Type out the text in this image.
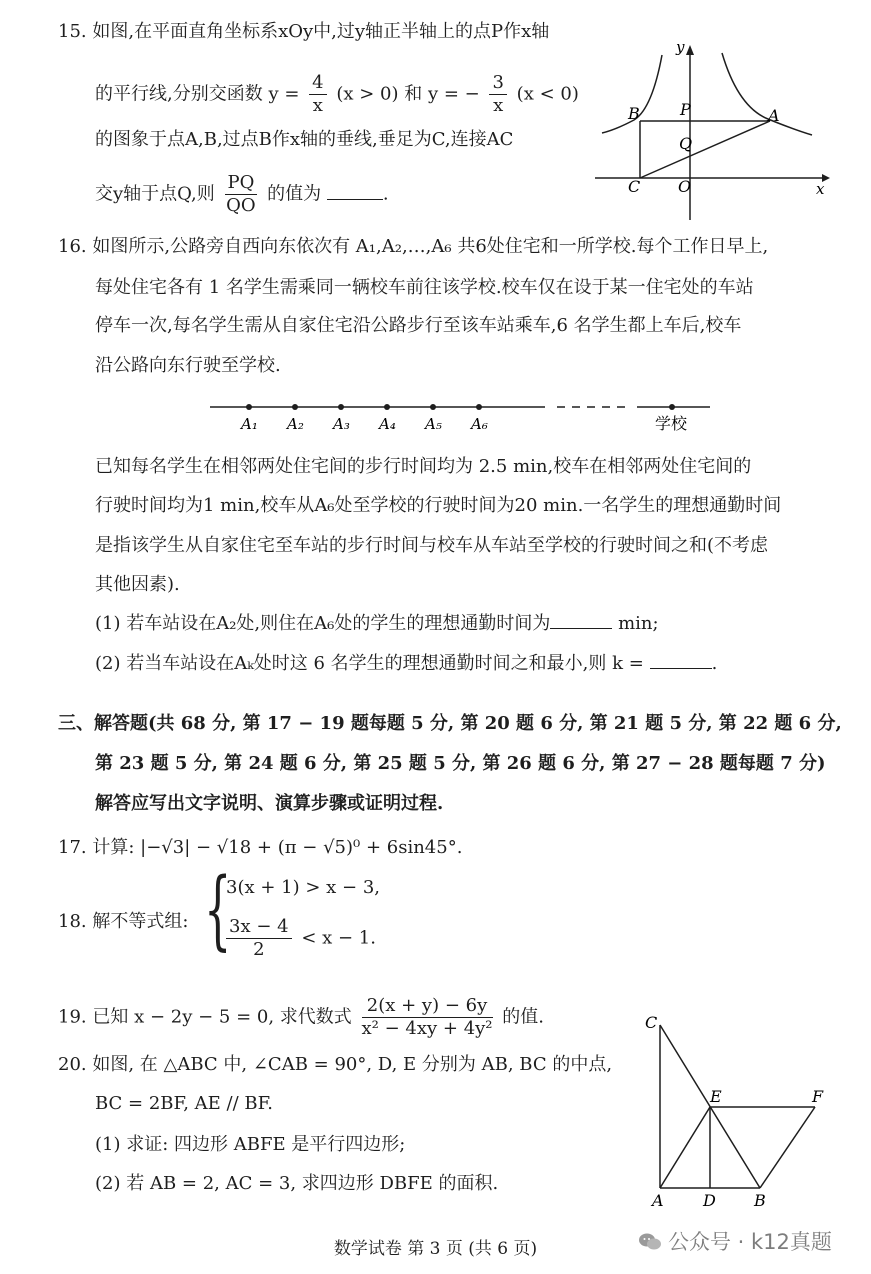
15. 如图,在平面直角坐标系xOy中,过y轴正半轴上的点P作x轴
的平行线,分别交函数 $y = \frac{4}{x} (x > 0)$ 和 y = − $\frac{3}{x} (x < 0)$
的图象于点A,B,过点B作x轴的垂线,垂足为C,连接AC
交y轴于点Q,则 $\frac{PQ}{QO}$ 的值为	.
B	P	A
Q
C O	x
y
16. 如图所示,公路旁自西向东依次有 A₁,A₂,…,A₆ 共6处住宅和一所学校.每个工作日早上,
每处住宅各有 1 名学生需乘同一辆校车前往该学校.校车仅在设于某一住宅处的车站
停车一次,每名学生需从自家住宅沿公路步行至该车站乘车,6 名学生都上车后,校车
沿公路向东行驶至学校.
A₁ A₂ A₃ A₄ A₅ A₆	学校
已知每名学生在相邻两处住宅间的步行时间均为 2.5 min,校车在相邻两处住宅间的
行驶时间均为1 min,校车从A₆处至学校的行驶时间为20 min.一名学生的理想通勤时间
是指该学生从自家住宅至车站的步行时间与校车从车站至学校的行驶时间之和(不考虑
其他因素).
(1) 若车站设在A₂处,则住在A₆处的学生的理想通勤时间为	min;
(2) 若当车站设在Aₖ处时这 6 名学生的理想通勤时间之和最小,则 k =	.
三、解答题(共 68 分, 第 17 − 19 题每题 5 分, 第 20 题 6 分, 第 21 题 5 分, 第 22 题 6 分,
第 23 题 5 分, 第 24 题 6 分, 第 25 题 5 分, 第 26 题 6 分, 第 27 − 28 题每题 7 分)
解答应写出文字说明、演算步骤或证明过程.
17. 计算: |−√3| − √18 + (π − √5)⁰ + 6sin45°.
18. 解不等式组: {
3(x + 1) > x − 3,
$\frac{3x - 4}{2} < x - 1$.
19. 已知 x − 2y − 5 = 0, 求代数式 $\frac{2(x + y) - 6y}{\text{x² − 4xy + 4y²}}$ 的值.
20. 如图, 在 △ABC 中, ∠CAB = 90°, D, E 分别为 AB, BC 的中点,
BC = 2BF, AE // BF.
(1) 求证: 四边形 ABFE 是平行四边形;
(2) 若 AB = 2, AC = 3, 求四边形 DBFE 的面积.
C
E	F
A D B
数学试卷 第 3 页 (共 6 页)	公众号 · k12真题
